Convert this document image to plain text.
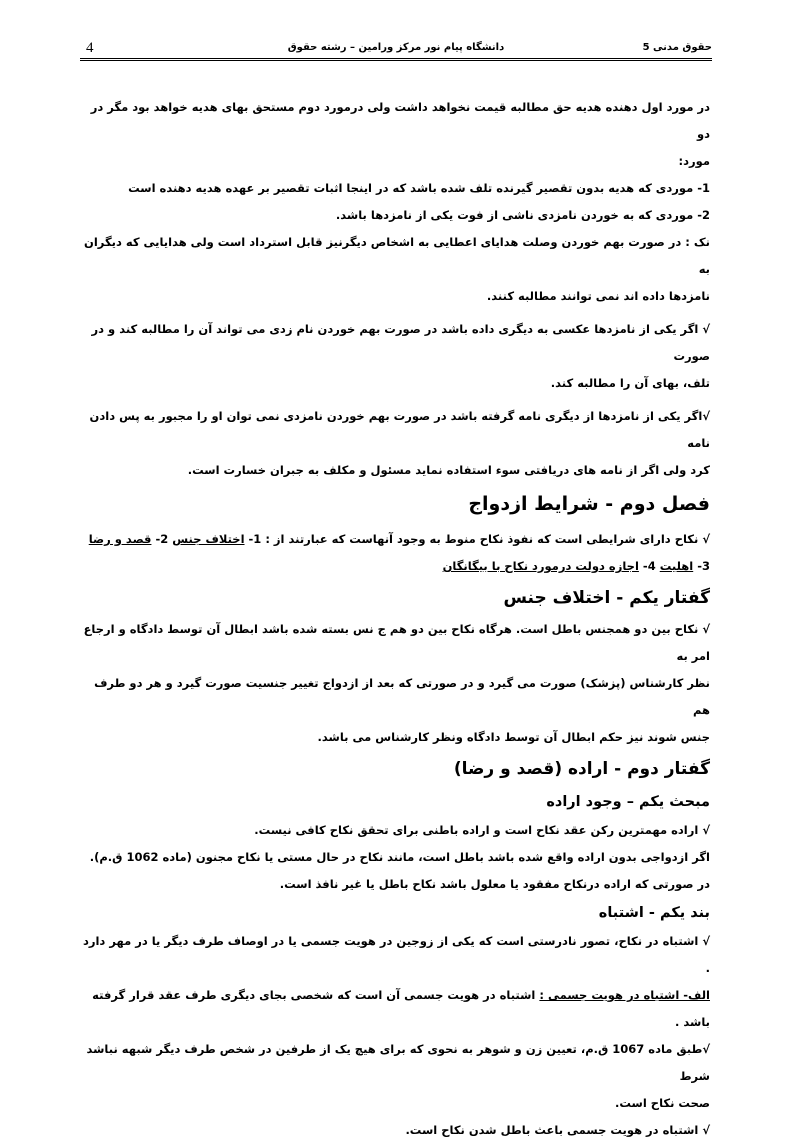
4	دانشگاه پیام نور مرکز ورامین – رشته حقوق	حقوق مدنی 5

در مورد اول دهنده هدیه حق مطالبه قیمت نخواهد داشت ولی درمورد دوم مستحق بهای هدیه خواهد بود مگر در دو

مورد:

1- موردی که هدیه بدون تقصیر گیرنده تلف شده باشد که در اینجا اثبات تقصیر بر عهده هدیه دهنده است

2- موردی که به خوردن نامزدی ناشی از فوت یکی از نامزدها باشد.

نک : در صورت بهم خوردن وصلت هدایای اعطایی به اشخاص دیگرنیز قابل استرداد است ولی هدایایی که دیگران به

نامزدها داده اند نمی توانند مطالبه کنند.

√ اگر یکی از نامزدها عکسی به دیگری داده باشد در صورت بهم خوردن نام زدی می تواند آن را مطالبه کند و در صورت

تلف، بهای آن را مطالبه کند.

√اگر یکی از نامزدها از دیگری نامه گرفته باشد در صورت بهم خوردن نامزدی نمی توان او را مجبور به پس دادن نامه

کرد ولی اگر از نامه های دریافتی سوء استفاده نماید مسئول و مکلف به جبران خسارت است.

فصل دوم - شرایط ازدواج

√ نکاح دارای شرایطی است که نفوذ نکاح منوط به وجود آنهاست که عبارتند از : 1- اختلاف جنس 2- قصد و رضا

3- اهلیت 4- اجازه دولت درمورد نکاح با بیگانگان

گفتار یکم - اختلاف جنس

√ نکاح بین دو همجنس باطل است. هرگاه نکاح بین دو هم ج نس بسته شده باشد ابطال آن توسط دادگاه و ارجاع امر به

نظر کارشناس (پزشک) صورت می گیرد و در صورتی که بعد از ازدواج تغییر جنسیت صورت گیرد و هر دو طرف هم

جنس شوند نیز حکم ابطال آن توسط دادگاه ونظر کارشناس می باشد.

گفتار دوم - اراده (قصد و رضا)
مبحث یکم – وجود اراده

√ اراده مهمترین رکن عقد نکاح است و اراده باطنی برای تحقق نکاح کافی نیست.

اگر ازدواجی بدون اراده واقع شده باشد باطل است، مانند نکاح در حال مستی یا نکاح مجنون (ماده 1062 ق.م).

در صورتی که اراده درنکاح مفقود یا معلول باشد نکاح باطل یا غیر نافذ است.

بند یکم - اشتباه

√ اشتباه در نکاح، تصور نادرستی است که یکی از زوجین در هویت جسمی یا در اوصاف طرف دیگر یا در مهر دارد .

الف- اشتباه در هویت جسمی : اشتباه در هویت جسمی آن است که شخصی بجای دیگری طرف عقد قرار گرفته باشد .

√طبق ماده 1067 ق.م، تعیین زن و شوهر به نحوی که برای هیچ یک از طرفین در شخص طرف دیگر شبهه نباشد شرط

صحت نکاح است.

√ اشتباه در هویت جسمی باعث باطل شدن نکاح است.
